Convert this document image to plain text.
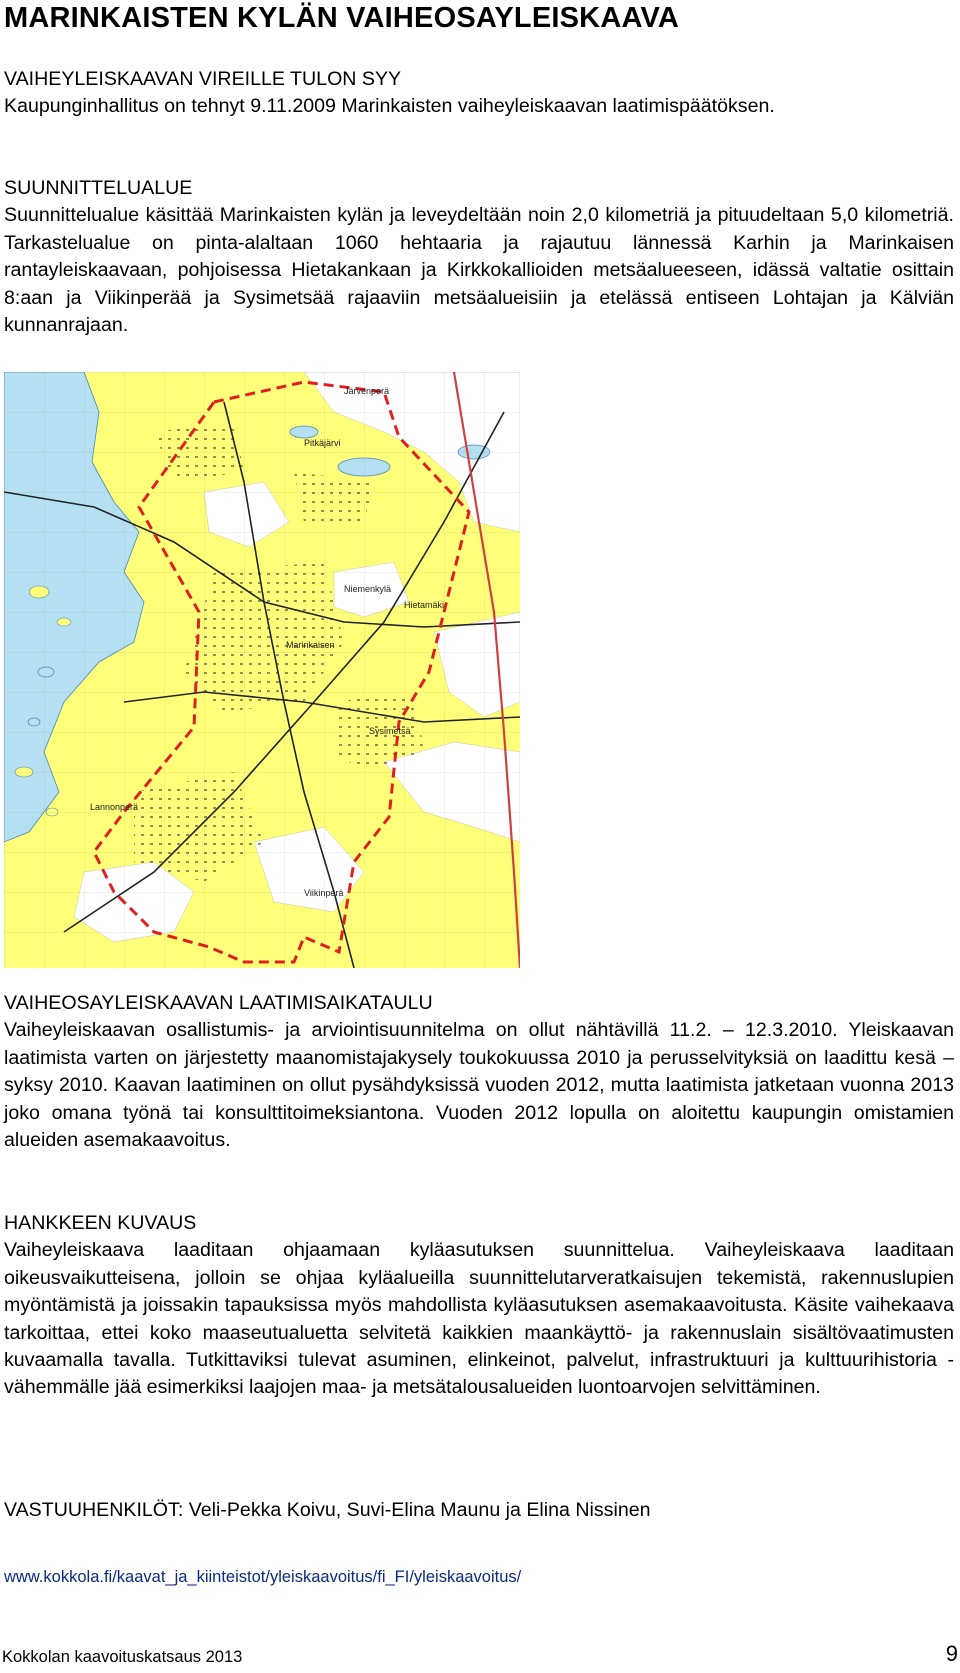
MARINKAISTEN KYLÄN VAIHEOSAYLEISKAAVA
VAIHEYLEISKAAVAN VIREILLE TULON SYY

Kaupunginhallitus on tehnyt 9.11.2009 Marinkaisten vaiheyleiskaavan laatimispäätöksen.

SUUNNITTELUALUE

Suunnittelualue käsittää Marinkaisten kylän ja leveydeltään noin 2,0 kilometriä ja pituudeltaan 5,0 kilometriä. Tarkastelualue on pinta-alaltaan 1060 hehtaaria ja rajautuu lännessä Karhin ja Marinkaisen rantayleiskaavaan, pohjoisessa Hietakankaan ja Kirkkokallioiden metsäalueeseen, idässä valtatie osittain 8:aan ja Viikinperää ja Sysimetsää rajaaviin metsäalueisiin ja etelässä entiseen Lohtajan ja Kälviän kunnanrajaan.

Marinkaisen
Niemenkylä
Hietamäki
Lannonperä
Sysimetsä
Viikinperä
Pitkäjärvi
Järvenperä
VAIHEOSAYLEISKAAVAN LAATIMISAIKATAULU

Vaiheyleiskaavan osallistumis- ja arviointisuunnitelma on ollut nähtävillä 11.2. – 12.3.2010. Yleiskaavan laatimista varten on järjestetty maanomistajakysely toukokuussa 2010 ja perusselvityksiä on laadittu kesä – syksy 2010. Kaavan laatiminen on ollut pysähdyksissä vuoden 2012, mutta laatimista jatketaan vuonna 2013 joko omana työnä tai konsulttitoimeksiantona. Vuoden 2012 lopulla on aloitettu kaupungin omistamien alueiden asemakaavoitus.

HANKKEEN KUVAUS

Vaiheyleiskaava laaditaan ohjaamaan kyläasutuksen suunnittelua. Vaiheyleiskaava laaditaan oikeusvaikutteisena, jolloin se ohjaa kyläalueilla suunnittelutarveratkaisujen tekemistä, rakennuslupien myöntämistä ja joissakin tapauksissa myös mahdollista kyläasutuksen asemakaavoitusta. Käsite vaihekaava tarkoittaa, ettei koko maaseutualuetta selvitetä kaikkien maankäyttö- ja rakennuslain sisältövaatimusten kuvaamalla tavalla. Tutkittaviksi tulevat asuminen, elinkeinot, palvelut, infrastruktuuri ja kulttuurihistoria - vähemmälle jää esimerkiksi laajojen maa- ja metsätalousalueiden luontoarvojen selvittäminen.

VASTUUHENKILÖT: Veli-Pekka Koivu, Suvi-Elina Maunu ja Elina Nissinen
www.kokkola.fi/kaavat_ja_kiinteistot/yleiskaavoitus/fi_FI/yleiskaavoitus/
Kokkolan kaavoituskatsaus 2013	9
